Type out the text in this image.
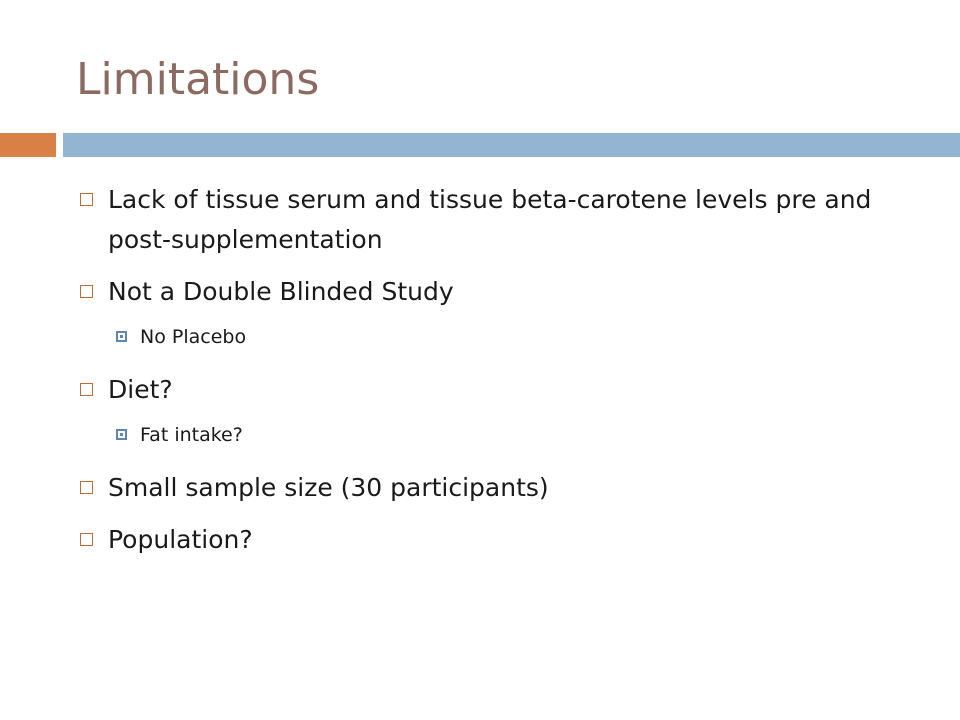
Limitations
Lack of tissue serum and tissue beta-carotene levels pre and post-supplementation
Not a Double Blinded Study
No Placebo
Diet?
Fat intake?
Small sample size (30 participants)
Population?
